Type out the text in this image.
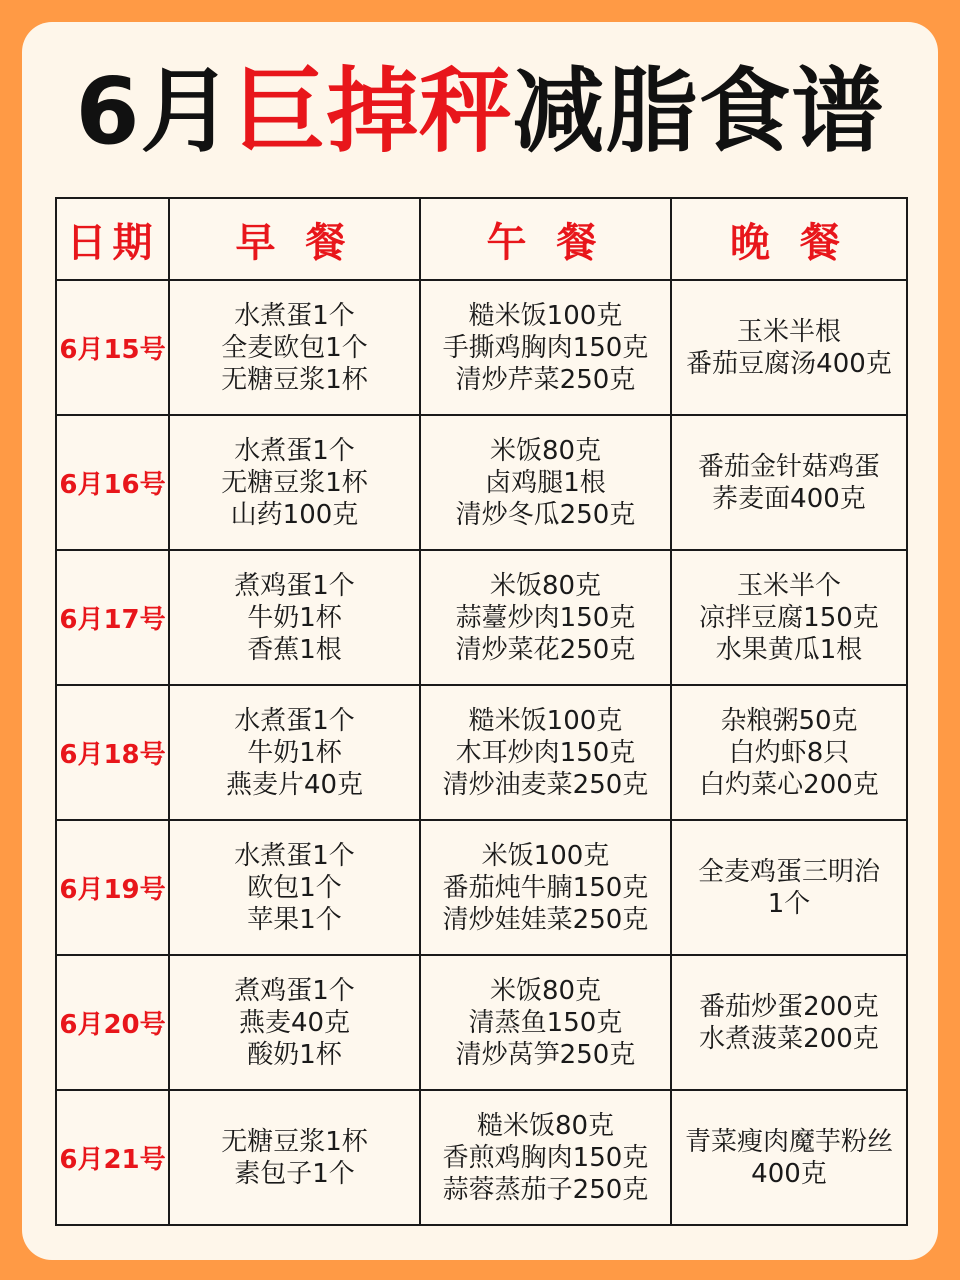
6月巨掉秤减脂食谱
日期	早 餐	午 餐	晚 餐
6月15号	水煮蛋1个
全麦欧包1个
无糖豆浆1杯	糙米饭100克
手撕鸡胸肉150克
清炒芹菜250克	玉米半根
番茄豆腐汤400克

6月16号	水煮蛋1个
无糖豆浆1杯
山药100克	米饭80克
卤鸡腿1根
清炒冬瓜250克	番茄金针菇鸡蛋
荞麦面400克

6月17号	煮鸡蛋1个
牛奶1杯
香蕉1根	米饭80克
蒜薹炒肉150克
清炒菜花250克	玉米半个
凉拌豆腐150克
水果黄瓜1根

6月18号	水煮蛋1个
牛奶1杯
燕麦片40克	糙米饭100克
木耳炒肉150克
清炒油麦菜250克	杂粮粥50克
白灼虾8只
白灼菜心200克

6月19号	水煮蛋1个
欧包1个
苹果1个	米饭100克
番茄炖牛腩150克
清炒娃娃菜250克	全麦鸡蛋三明治
1个

6月20号	煮鸡蛋1个
燕麦40克
酸奶1杯	米饭80克
清蒸鱼150克
清炒莴笋250克	番茄炒蛋200克
水煮菠菜200克

6月21号	无糖豆浆1杯
素包子1个	糙米饭80克
香煎鸡胸肉150克
蒜蓉蒸茄子250克	青菜瘦肉魔芋粉丝
400克
